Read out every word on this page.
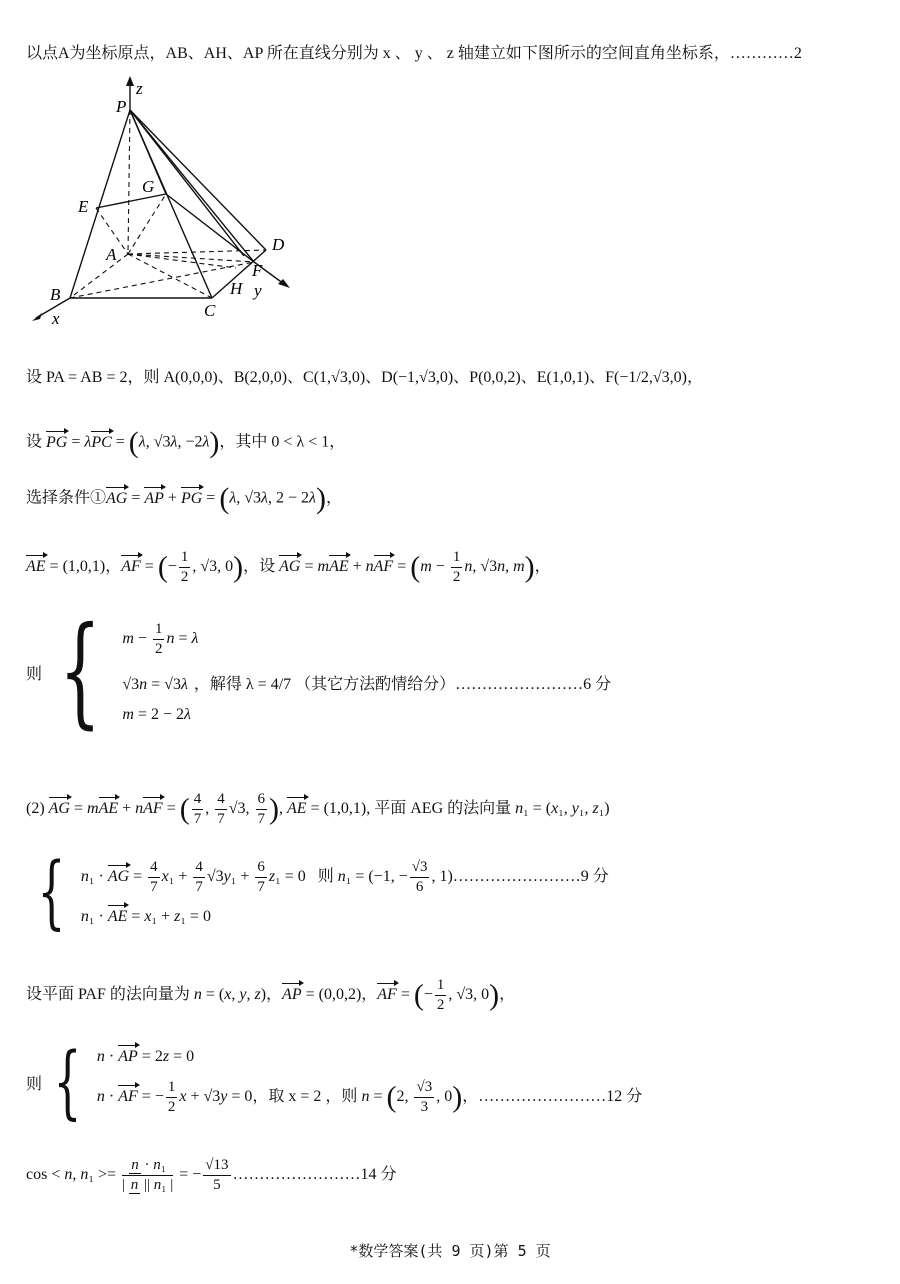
以点A为坐标原点，AB、AH、AP 所在直线分别为 x 、 y 、 z 轴建立如下图所示的空间直角坐标系，…………2
P
z
G
E
A
D
F
B	H y
C
x
设 PA = AB = 2，则 A(0,0,0)、B(2,0,0)、C(1,√3,0)、D(−1,√3,0)、P(0,0,2)、E(1,0,1)、F(−1/2,√3,0)，
设 PG = λPC = (λ, √3λ, −2λ)，其中 0 < λ < 1，
选择条件①AG = AP + PG = (λ, √3λ, 2 − 2λ)，
AE = (1,0,1)，AF = (− $\frac{1}{2}$ , √3, 0)，设 AG = mAE + nAF = ($m - \frac{1}{2} n$, √3n, m)，
则 { $m - \frac{1}{2}$ n = λ
√3n = √3λ ，解得 λ = 4/7 （其它方法酌情给分）……………………6 分
m = 2 − 2λ
(2) AG = mAE + nAF = ( $\frac{4}{7}$ , $\frac{4}{7} √3$, $\frac{6}{7}$ ), AE = (1,0,1), 平面 AEG 的法向量 n₁ = (x₁, y₁, z₁)
{ n₁ · AG = $\frac{4}{7} x_1 + \frac{4}{7} √3y_1 + \frac{6}{7} z_1 = 0$   则 n₁ = (−1, − $\frac{√3}{6}$ , 1)……………………9 分
n₁ · AE = x₁ + z₁ = 0
设平面 PAF 的法向量为 n = (x, y, z)，AP = (0,0,2)，AF = (− $\frac{1}{2}$ , √3, 0)，
则 { n · AP = 2z = 0
n · AF = − $\frac{1}{2}$ x + √3y = 0，取 x = 2 ，则 n = (2, $\frac{√3}{3}$ , 0)，……………………12 分
cos < n, $n_1 >= \frac{\text{n · n₁}}{\text{| n || n₁ |}}$ = − $\frac{√13}{5}$ ……………………14 分
*数学答案(共 9 页)第 5 页
